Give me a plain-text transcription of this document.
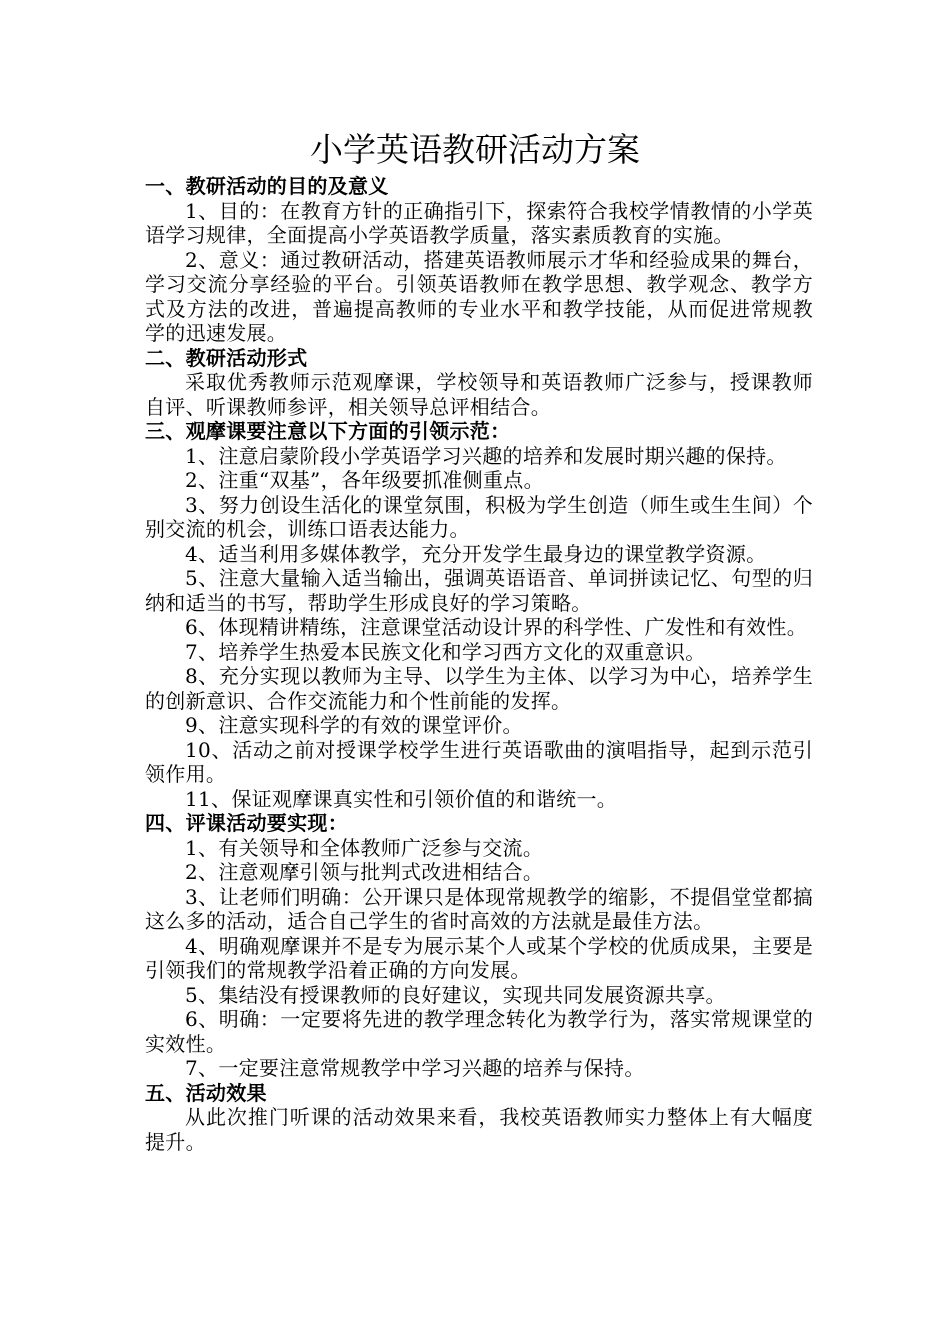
小学英语教研活动方案

一、教研活动的目的及意义

1、目的：在教育方针的正确指引下，探索符合我校学情教情的小学英语学习规律，全面提高小学英语教学质量，落实素质教育的实施。

2、意义：通过教研活动，搭建英语教师展示才华和经验成果的舞台，学习交流分享经验的平台。引领英语教师在教学思想、教学观念、教学方式及方法的改进，普遍提高教师的专业水平和教学技能，从而促进常规教学的迅速发展。

二、教研活动形式

采取优秀教师示范观摩课，学校领导和英语教师广泛参与，授课教师自评、听课教师参评，相关领导总评相结合。

三、观摩课要注意以下方面的引领示范：

1、注意启蒙阶段小学英语学习兴趣的培养和发展时期兴趣的保持。

2、注重“双基”，各年级要抓准侧重点。

3、努力创设生活化的课堂氛围，积极为学生创造（师生或生生间）个别交流的机会，训练口语表达能力。

4、适当利用多媒体教学，充分开发学生最身边的课堂教学资源。

5、注意大量输入适当输出，强调英语语音、单词拼读记忆、句型的归纳和适当的书写，帮助学生形成良好的学习策略。

6、体现精讲精练，注意课堂活动设计界的科学性、广发性和有效性。

7、培养学生热爱本民族文化和学习西方文化的双重意识。

8、充分实现以教师为主导、以学生为主体、以学习为中心，培养学生的创新意识、合作交流能力和个性前能的发挥。

9、注意实现科学的有效的课堂评价。

10、活动之前对授课学校学生进行英语歌曲的演唱指导，起到示范引领作用。

11、保证观摩课真实性和引领价值的和谐统一。

四、评课活动要实现：

1、有关领导和全体教师广泛参与交流。

2、注意观摩引领与批判式改进相结合。

3、让老师们明确：公开课只是体现常规教学的缩影，不提倡堂堂都搞这么多的活动，适合自己学生的省时高效的方法就是最佳方法。

4、明确观摩课并不是专为展示某个人或某个学校的优质成果，主要是引领我们的常规教学沿着正确的方向发展。

5、集结没有授课教师的良好建议，实现共同发展资源共享。

6、明确：一定要将先进的教学理念转化为教学行为，落实常规课堂的实效性。

7、一定要注意常规教学中学习兴趣的培养与保持。

五、活动效果

从此次推门听课的活动效果来看，我校英语教师实力整体上有大幅度提升。
